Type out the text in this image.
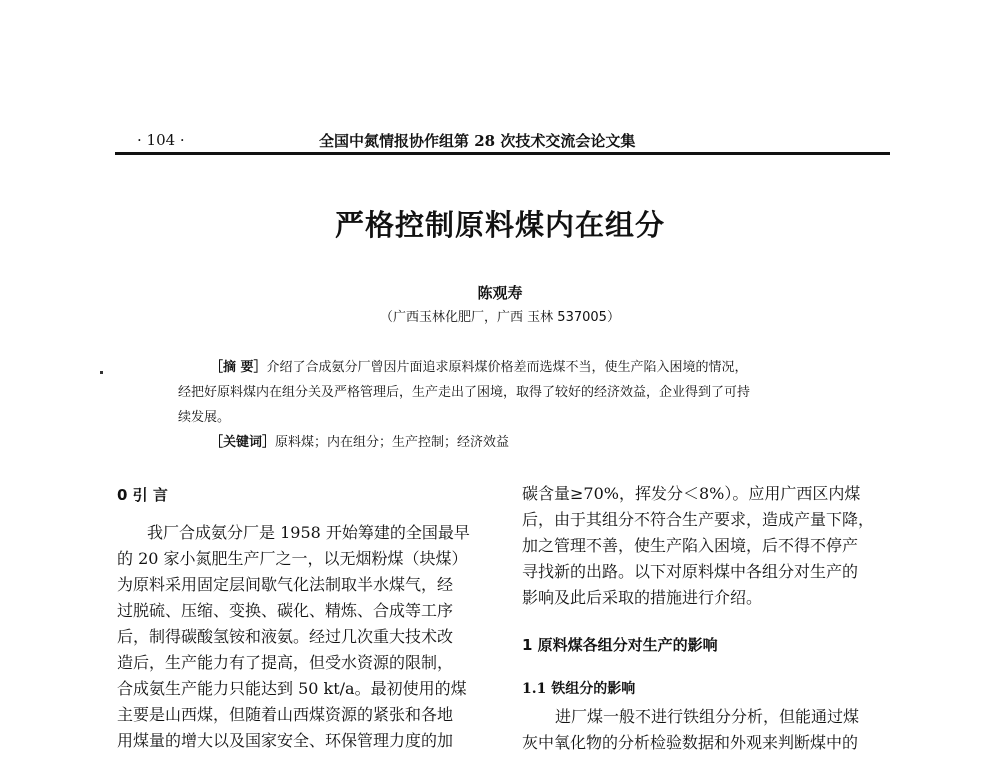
· 104 ·	全国中氮情报协作组第 28 次技术交流会论文集
严格控制原料煤内在组分
陈观寿
（广西玉林化肥厂，广西 玉林 537005）
［摘 要］介绍了合成氨分厂曾因片面追求原料煤价格差而选煤不当，使生产陷入困境的情况，
经把好原料煤内在组分关及严格管理后，生产走出了困境，取得了较好的经济效益，企业得到了可持
续发展。
［关键词］原料煤；内在组分；生产控制；经济效益
0 引 言
我厂合成氨分厂是 1958 开始筹建的全国最早
的 20 家小氮肥生产厂之一，以无烟粉煤（块煤）
为原料采用固定层间歇气化法制取半水煤气，经
过脱硫、压缩、变换、碳化、精炼、合成等工序
后，制得碳酸氢铵和液氨。经过几次重大技术改
造后，生产能力有了提高，但受水资源的限制，
合成氨生产能力只能达到 50 kt/a。最初使用的煤
主要是山西煤，但随着山西煤资源的紧张和各地
用煤量的增大以及国家安全、环保管理力度的加
碳含量≥70%，挥发分＜8%）。应用广西区内煤
后，由于其组分不符合生产要求，造成产量下降，
加之管理不善，使生产陷入困境，后不得不停产
寻找新的出路。以下对原料煤中各组分对生产的
影响及此后采取的措施进行介绍。
1 原料煤各组分对生产的影响
1.1 铁组分的影响
进厂煤一般不进行铁组分分析，但能通过煤
灰中氧化物的分析检验数据和外观来判断煤中的
